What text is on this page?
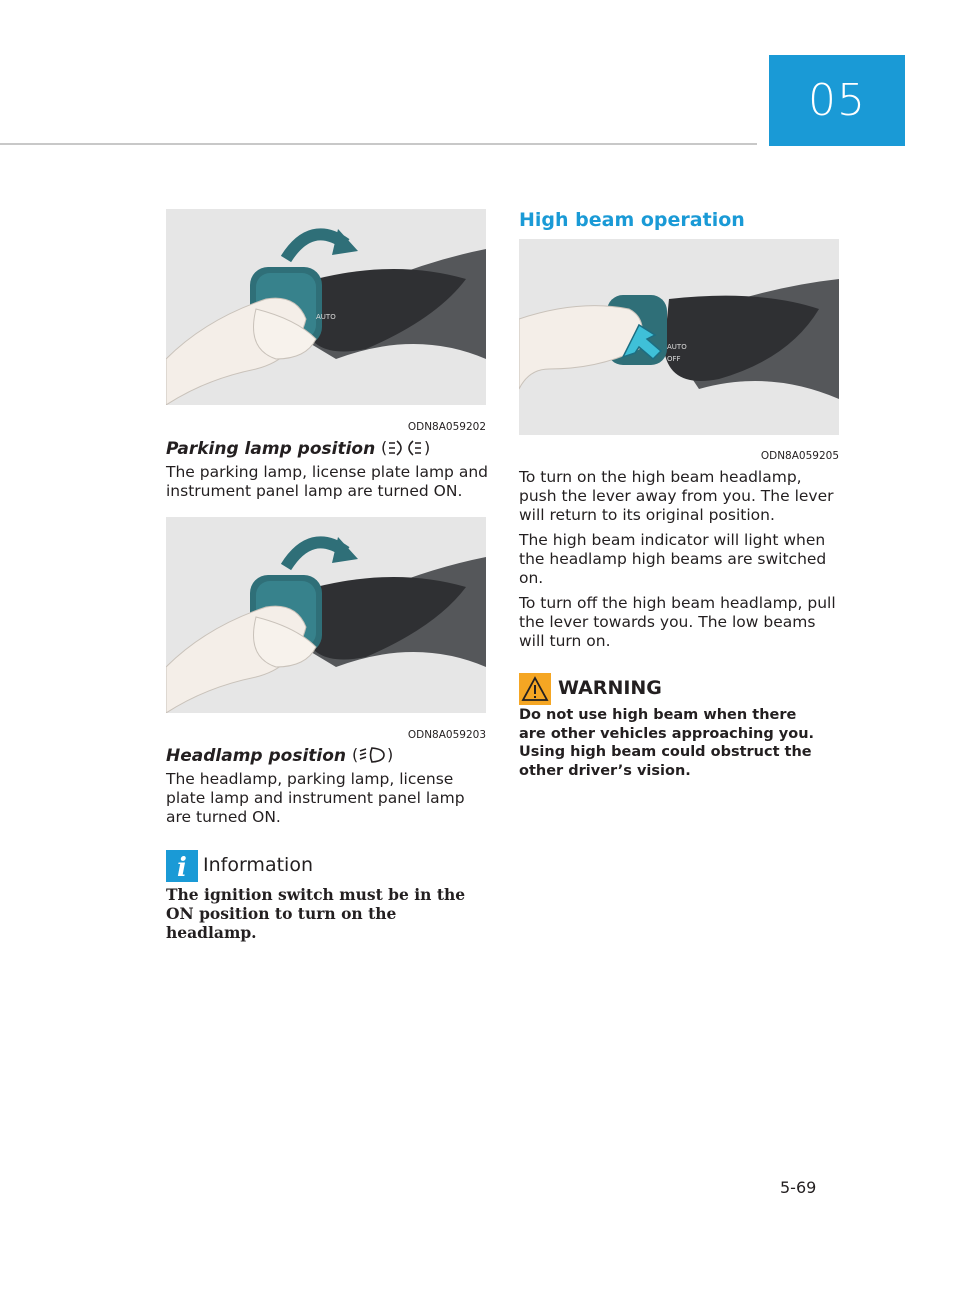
05
AUTO
ODN8A059202
Parking lamp position ( )

The parking lamp, license plate lamp and instrument panel lamp are turned ON.

ODN8A059203
Headlamp position ( )

The headlamp, parking lamp, license plate lamp and instrument panel lamp are turned ON.

i Information
The ignition switch must be in the ON position to turn on the headlamp.
High beam operation
AUTO
OFF
ODN8A059205

To turn on the high beam headlamp, push the lever away from you. The lever will return to its original position.

The high beam indicator will light when the headlamp high beams are switched on.

To turn off the high beam headlamp, pull the lever towards you. The low beams will turn on.

WARNING
Do not use high beam when there are other vehicles approaching you. Using high beam could obstruct the other driver’s vision.
5-69
